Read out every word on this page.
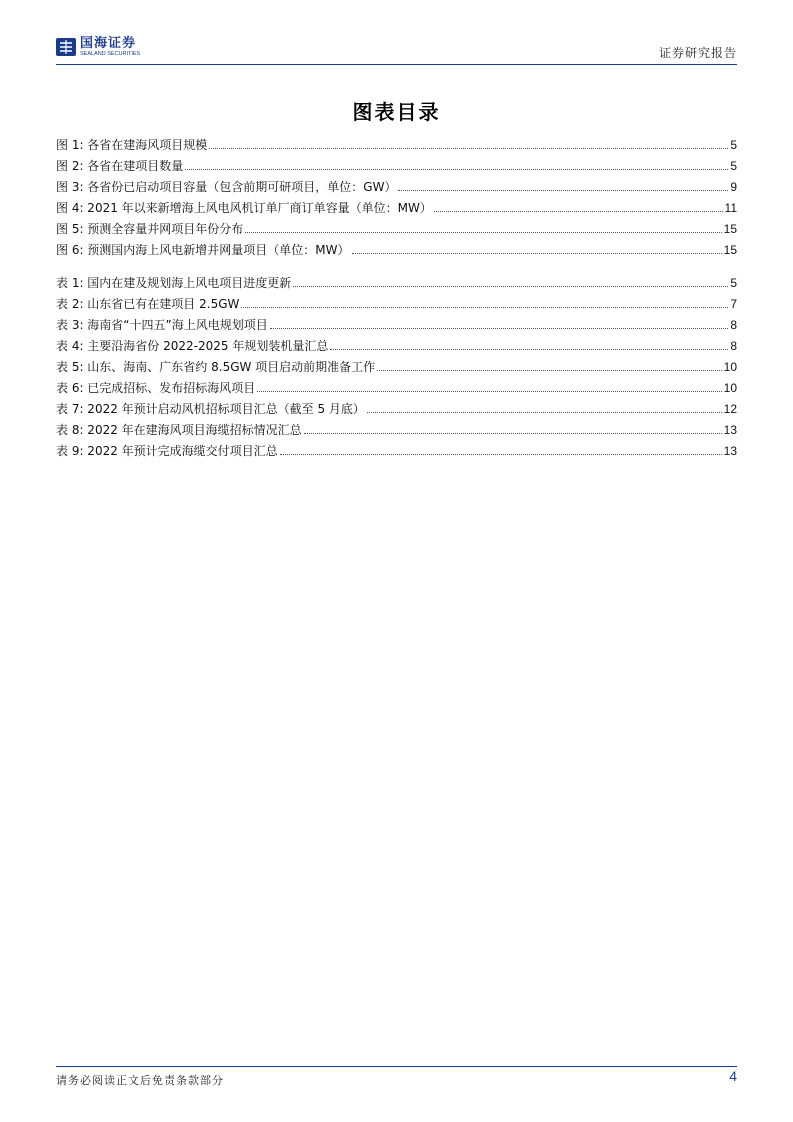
国海证券
SEALAND SECURITIES	证券研究报告
图表目录
图 1: 各省在建海风项目规模	5
图 2: 各省在建项目数量	5
图 3: 各省份已启动项目容量（包含前期可研项目，单位：GW）	9
图 4: 2021 年以来新增海上风电风机订单厂商订单容量（单位：MW）	11
图 5: 预测全容量并网项目年份分布	15
图 6: 预测国内海上风电新增并网量项目（单位：MW）	15
表 1: 国内在建及规划海上风电项目进度更新	5
表 2: 山东省已有在建项目 2.5GW	7
表 3: 海南省“十四五”海上风电规划项目	8
表 4: 主要沿海省份 2022-2025 年规划装机量汇总	8
表 5: 山东、海南、广东省约 8.5GW 项目启动前期准备工作	10
表 6: 已完成招标、发布招标海风项目	10
表 7: 2022 年预计启动风机招标项目汇总（截至 5 月底）	12
表 8: 2022 年在建海风项目海缆招标情况汇总	13
表 9: 2022 年预计完成海缆交付项目汇总	13
请务必阅读正文后免责条款部分	4
